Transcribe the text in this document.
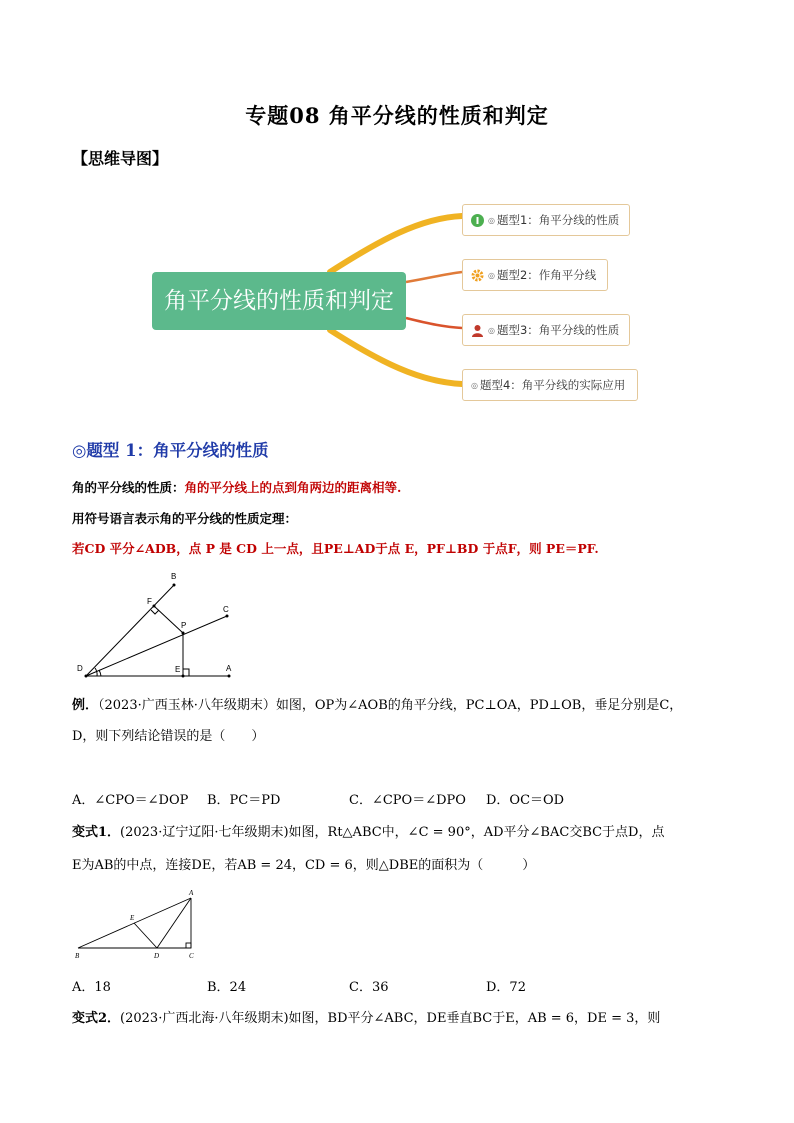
专题08 角平分线的性质和判定
【思维导图】
角平分线的性质和判定
◎ 题型1：角平分线的性质
◎ 题型2：作角平分线
◎ 题型3：角平分线的性质
◎ 题型4：角平分线的实际应用
◎题型 1：角平分线的性质
角的平分线的性质：角的平分线上的点到角两边的距离相等.
用符号语言表示角的平分线的性质定理：
若CD 平分∠ADB，点 P 是 CD 上一点，且PE⊥AD于点 E，PF⊥BD 于点F，则 PE＝PF.
B
F
C
P
D	E	A
例．（2023·广西玉林·八年级期末）如图，OP为∠AOB的角平分线，PC⊥OA，PD⊥OB，垂足分别是C，
D，则下列结论错误的是（　　）
A．∠CPO＝∠DOP B．PC＝PD	C．∠CPO＝∠DPO D．OC＝OD
变式1．(2023·辽宁辽阳·七年级期末)如图，Rt△ABC中，∠C = 90°，AD平分∠BAC交BC于点D，点
E为AB的中点，连接DE，若AB = 24，CD = 6，则△DBE的面积为（　　　）
A
E
B	D	C
A．18	B．24	C．36	D．72
变式2．(2023·广西北海·八年级期末)如图，BD平分∠ABC，DE垂直BC于E，AB = 6，DE = 3，则
